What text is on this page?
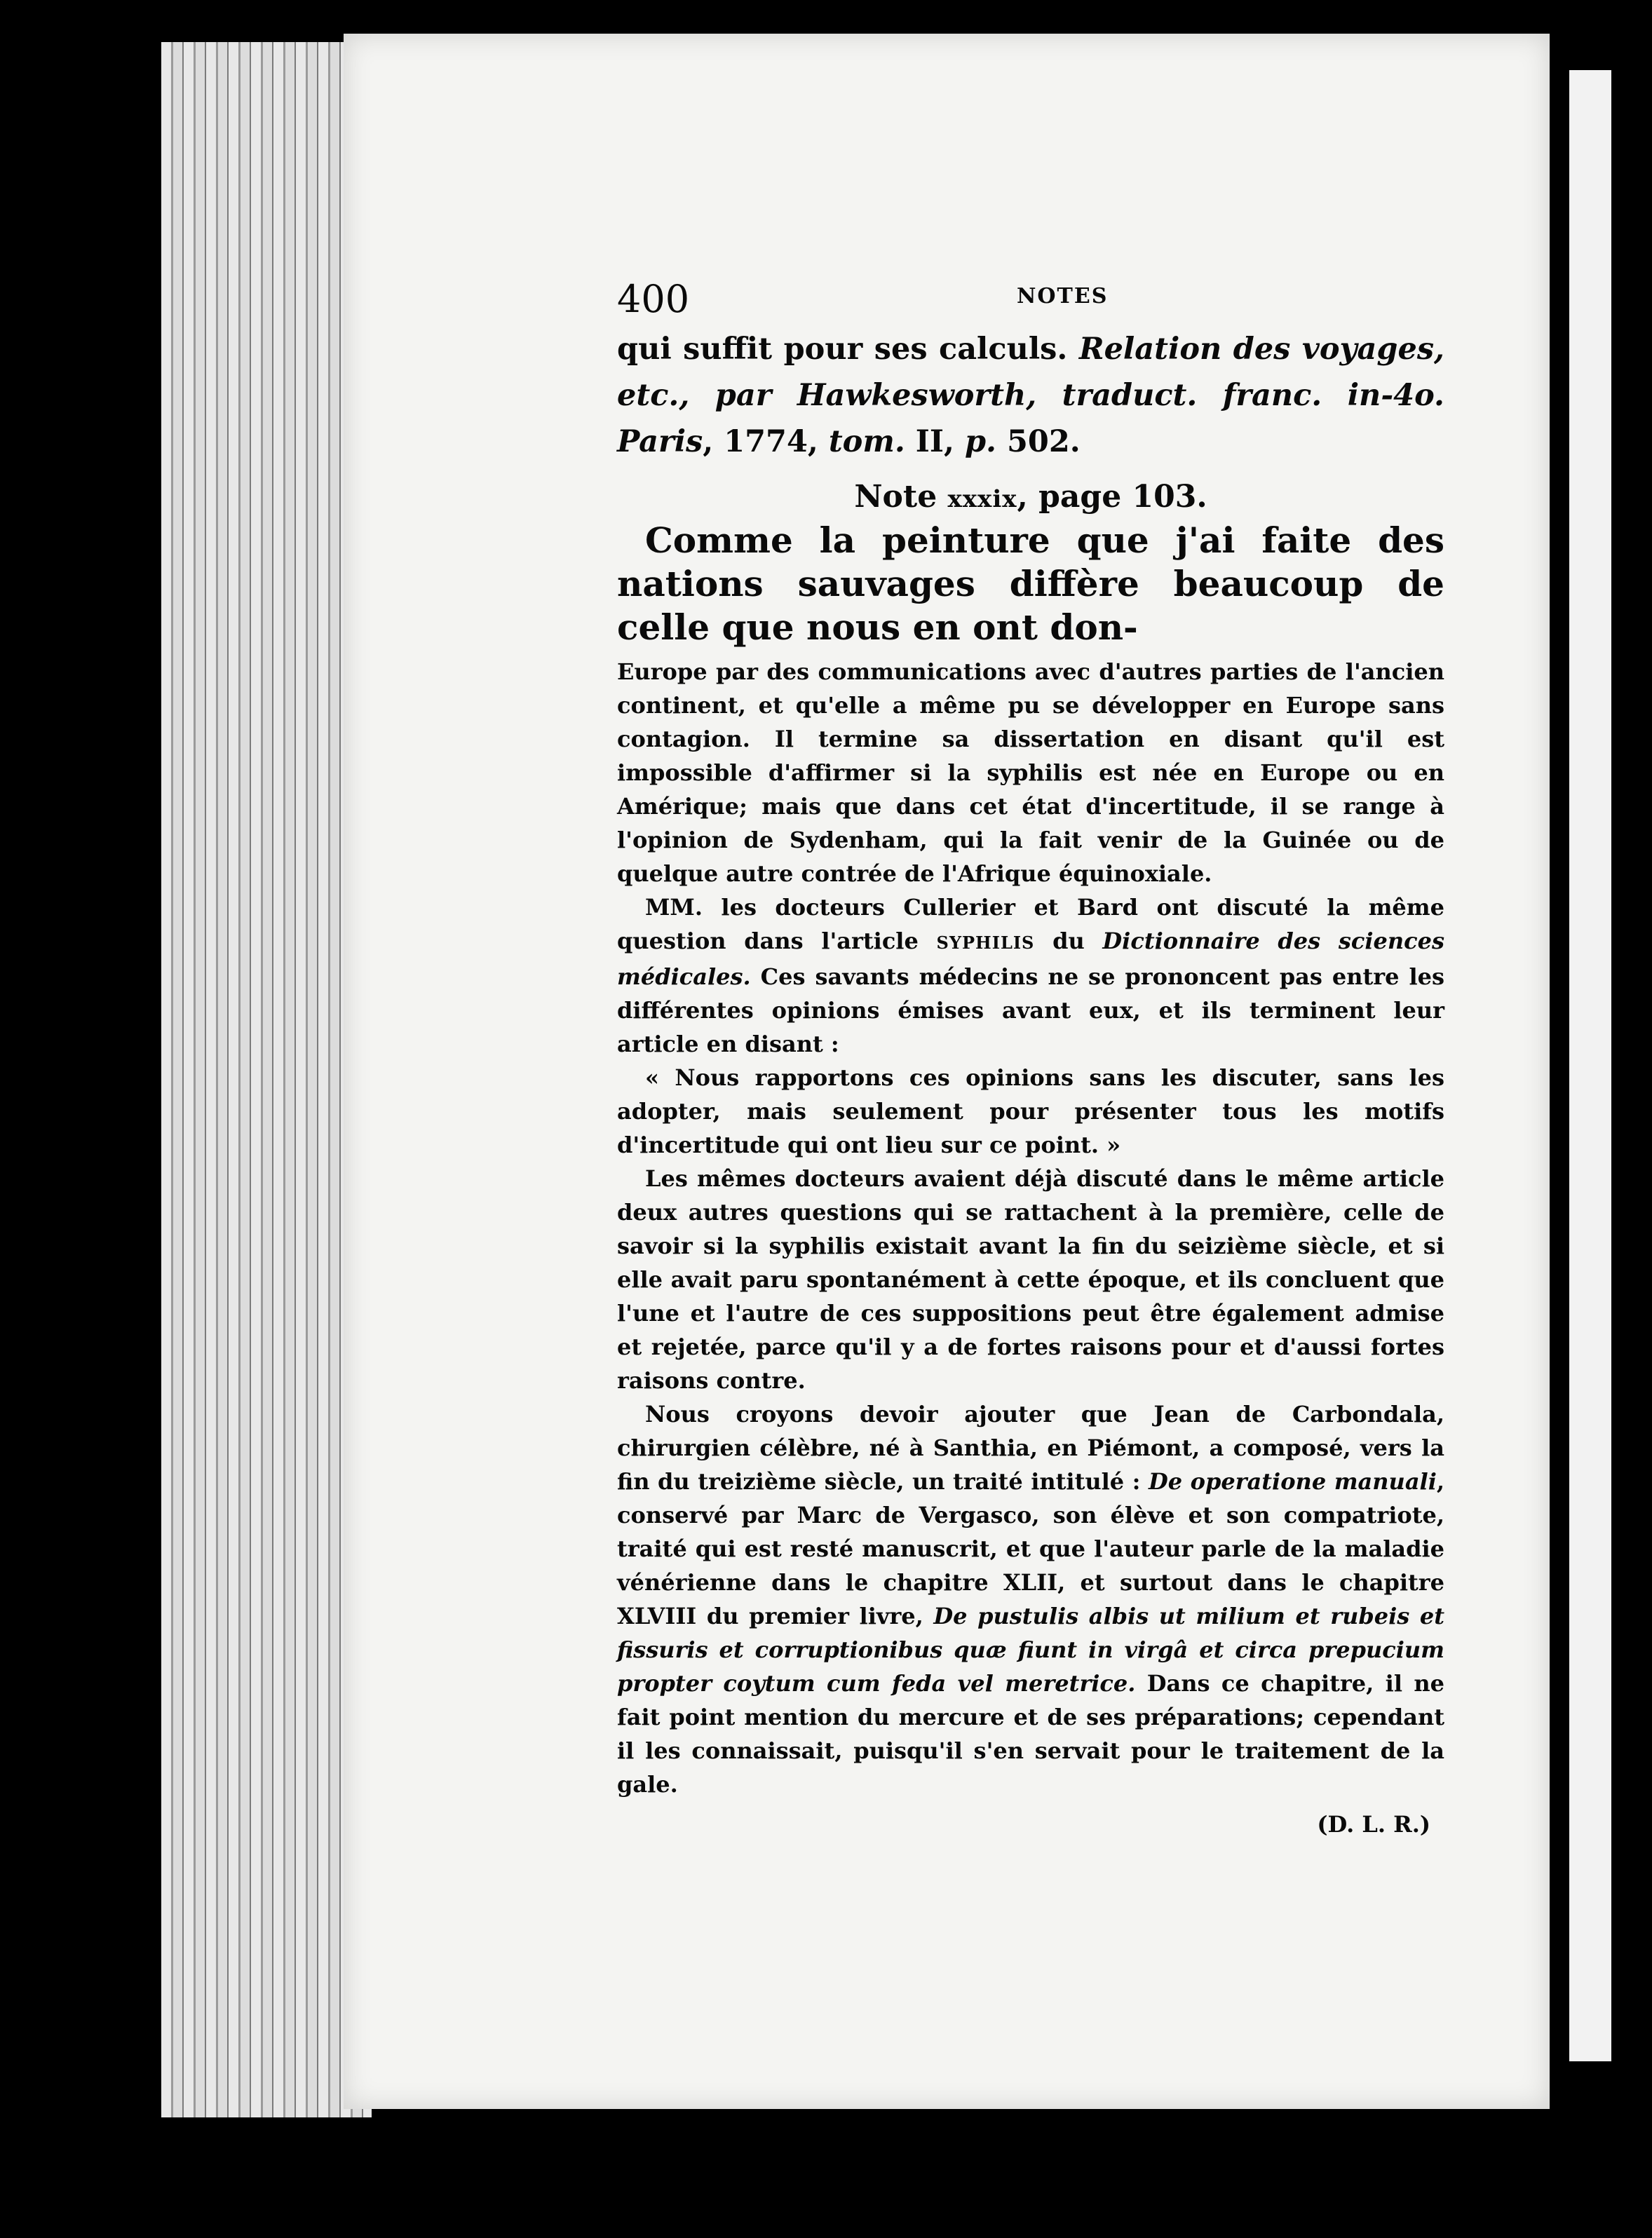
400	NOTES

qui suffit pour ses calculs. Relation des voyages, etc., par Hawkesworth, traduct. franc. in-4o. Paris, 1774, tom. II, p. 502.

Note xxxix, page 103.

Comme la peinture que j'ai faite des nations sauvages diffère beaucoup de celle que nous en ont don-

Europe par des communications avec d'autres parties de l'ancien continent, et qu'elle a même pu se développer en Europe sans contagion. Il termine sa dissertation en disant qu'il est impossible d'affirmer si la syphilis est née en Europe ou en Amérique; mais que dans cet état d'incertitude, il se range à l'opinion de Sydenham, qui la fait venir de la Guinée ou de quelque autre contrée de l'Afrique équinoxiale.

MM. les docteurs Cullerier et Bard ont discuté la même question dans l'article SYPHILIS du Dictionnaire des sciences médicales. Ces savants médecins ne se prononcent pas entre les différentes opinions émises avant eux, et ils terminent leur article en disant :

« Nous rapportons ces opinions sans les discuter, sans les adopter, mais seulement pour présenter tous les motifs d'incertitude qui ont lieu sur ce point. »

Les mêmes docteurs avaient déjà discuté dans le même article deux autres questions qui se rattachent à la première, celle de savoir si la syphilis existait avant la fin du seizième siècle, et si elle avait paru spontanément à cette époque, et ils concluent que l'une et l'autre de ces suppositions peut être également admise et rejetée, parce qu'il y a de fortes raisons pour et d'aussi fortes raisons contre.

Nous croyons devoir ajouter que Jean de Carbondala, chirurgien célèbre, né à Santhia, en Piémont, a composé, vers la fin du treizième siècle, un traité intitulé : De operatione manuali, conservé par Marc de Vergasco, son élève et son compatriote, traité qui est resté manuscrit, et que l'auteur parle de la maladie vénérienne dans le chapitre XLII, et surtout dans le chapitre XLVIII du premier livre, De pustulis albis ut milium et rubeis et fissuris et corruptionibus quæ fiunt in virgâ et circa prepucium propter coytum cum feda vel meretrice. Dans ce chapitre, il ne fait point mention du mercure et de ses préparations; cependant il les connaissait, puisqu'il s'en servait pour le traitement de la gale.

(D. L. R.)
